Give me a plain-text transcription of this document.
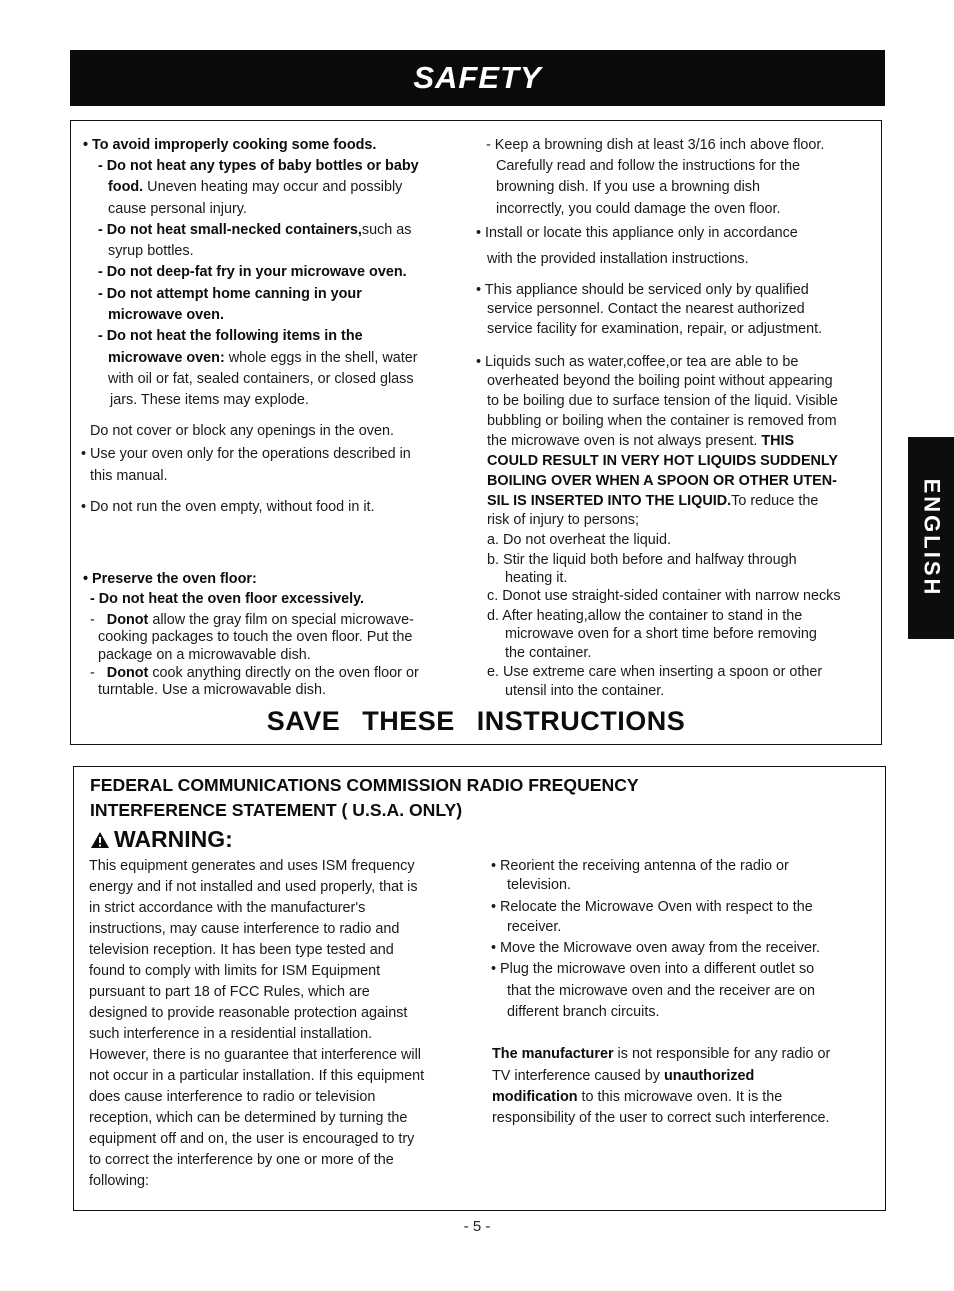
SAFETY
ENGLISH
• To avoid improperly cooking some foods.
- Do not heat any types of baby bottles or baby
food. Uneven heating may occur and possibly
cause personal injury.
- Do not heat small-necked containers,such as
syrup bottles.
- Do not deep-fat fry in your microwave oven.
- Do not attempt home canning in your
microwave oven.
- Do not heat the following items in the
microwave oven: whole eggs in the shell, water
with oil or fat, sealed containers, or closed glass
jars. These items may explode.
Do not cover or block any openings in the oven.
• Use your oven only for the operations described in
this manual.
• Do not run the oven empty, without food in it.
• Preserve the oven floor:
- Do not heat the oven floor excessively.
- Donot allow the gray film on special microwave-
cooking packages to touch the oven floor. Put the
package on a microwavable dish.
- Donot cook anything directly on the oven floor or
turntable. Use a microwavable dish.
- Keep a browning dish at least 3/16 inch above floor.
Carefully read and follow the instructions for the
browning dish. If you use a browning dish
incorrectly, you could damage the oven floor.
• Install or locate this appliance only in accordance
with the provided installation instructions.
• This appliance should be serviced only by qualified
service personnel. Contact the nearest authorized
service facility for examination, repair, or adjustment.
• Liquids such as water,coffee,or tea are able to be
overheated beyond the boiling point without appearing
to be boiling due to surface tension of the liquid. Visible
bubbling or boiling when the container is removed from
the microwave oven is not always present. THIS
COULD RESULT IN VERY HOT LIQUIDS SUDDENLY
BOILING OVER WHEN A SPOON OR OTHER UTEN-
SIL IS INSERTED INTO THE LIQUID.To reduce the
risk of injury to persons;
a. Do not overheat the liquid.
b. Stir the liquid both before and halfway through
heating it.
c. Donot use straight-sided container with narrow necks
d. After heating,allow the container to stand in the
microwave oven for a short time before removing
the container.
e. Use extreme care when inserting a spoon or other
utensil into the container.
SAVE THESE INSTRUCTIONS
FEDERAL COMMUNICATIONS COMMISSION RADIO FREQUENCY
INTERFERENCE STATEMENT ( U.S.A. ONLY)
WARNING:
This equipment generates and uses ISM frequency
energy and if not installed and used properly, that is
in strict accordance with the manufacturer's
instructions, may cause interference to radio and
television reception. It has been type tested and
found to comply with limits for ISM Equipment
pursuant to part 18 of FCC Rules, which are
designed to provide reasonable protection against
such interference in a residential installation.
However, there is no guarantee that interference will
not occur in a particular installation. If this equipment
does cause interference to radio or television
reception, which can be determined by turning the
equipment off and on, the user is encouraged to try
to correct the interference by one or more of the
following:
• Reorient the receiving antenna of the radio or
television.
• Relocate the Microwave Oven with respect to the
receiver.
• Move the Microwave oven away from the receiver.
• Plug the microwave oven into a different outlet so
that the microwave oven and the receiver are on
different branch circuits.
The manufacturer is not responsible for any radio or
TV interference caused by unauthorized
modification to this microwave oven. It is the
responsibility of the user to correct such interference.
- 5 -
